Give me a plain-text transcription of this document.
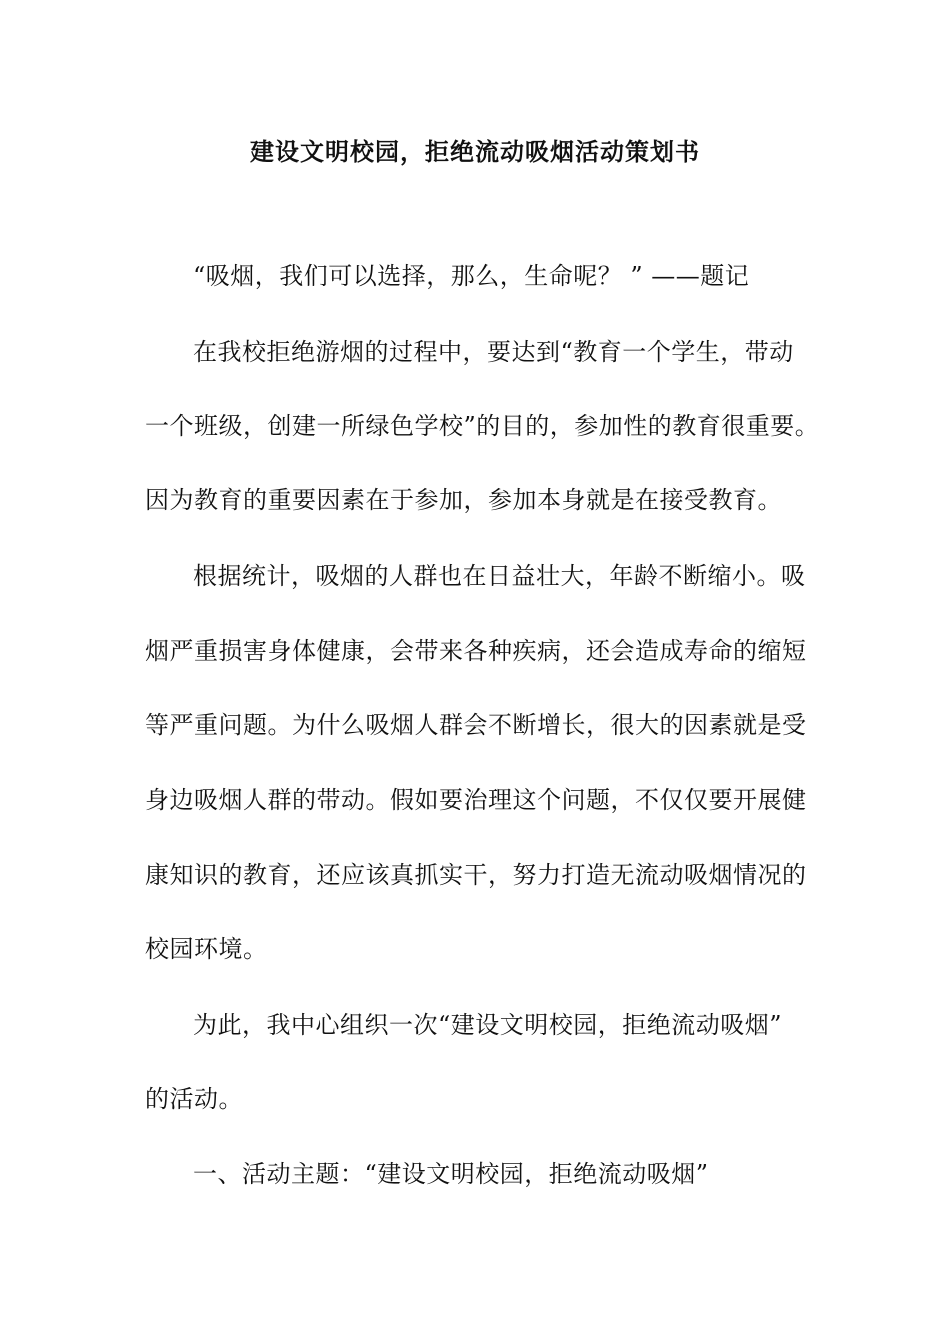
建设文明校园，拒绝流动吸烟活动策划书
“吸烟，我们可以选择，那么，生命呢？ ” ——题记
在我校拒绝游烟的过程中，要达到“教育一个学生，带动
一个班级，创建一所绿色学校”的目的，参加性的教育很重要。
因为教育的重要因素在于参加，参加本身就是在接受教育。
根据统计，吸烟的人群也在日益壮大，年龄不断缩小。吸
烟严重损害身体健康，会带来各种疾病，还会造成寿命的缩短
等严重问题。为什么吸烟人群会不断增长，很大的因素就是受
身边吸烟人群的带动。假如要治理这个问题，不仅仅要开展健
康知识的教育，还应该真抓实干，努力打造无流动吸烟情况的
校园环境。
为此，我中心组织一次“建设文明校园，拒绝流动吸烟”
的活动。
一、活动主题：“建设文明校园，拒绝流动吸烟”
